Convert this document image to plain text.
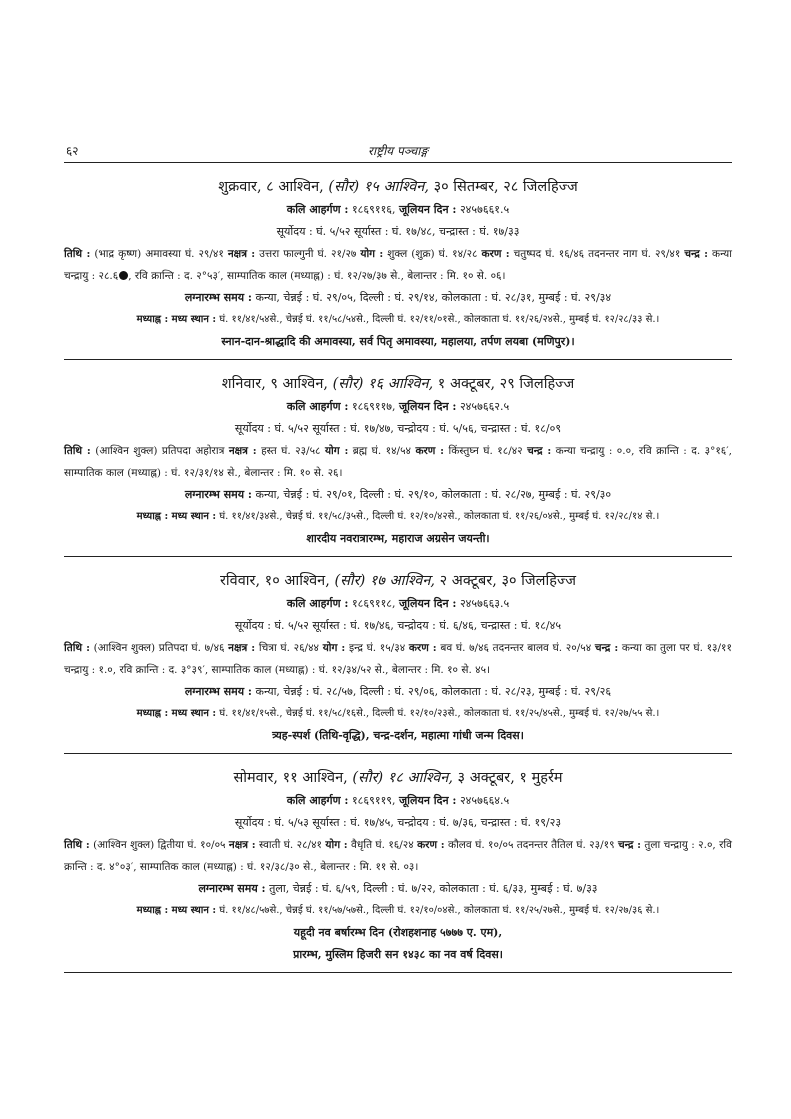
६२	राष्ट्रीय पञ्चाङ्ग
शुक्रवार, ८ आश्विन, (सौर) १५ आश्विन, ३० सितम्बर, २८ जिलहिज्ज
कलि आहर्गण : १८६९११६, जूलियन दिन : २४५७६६१.५
सूर्योदय : घं. ५/५२ सूर्यास्त : घं. १७/४८, चन्द्रास्त : घं. १७/३३
तिथि : (भाद्र कृष्ण) अमावस्या घं. २९/४१ नक्षत्र : उत्तरा फाल्गुनी घं. २१/२७ योग : शुक्ल (शुक्र) घं. १४/२८ करण : चतुष्पद घं. १६/४६ तदनन्तर नाग घं. २९/४१ चन्द्र : कन्या चन्द्रायु : २८.६ , रवि क्रान्ति : द. २°५३′, साम्पातिक काल (मध्याह्न) : घं. १२/२७/३७ से., बेलान्तर : मि. १० से. ०६।
लग्नारम्भ समय : कन्या, चेन्नई : घं. २९/०५, दिल्ली : घं. २९/१४, कोलकाता : घं. २८/३१, मुम्बई : घं. २९/३४
मध्याह्न : मध्य स्थान : घं. ११/४१/५४से., चेन्नई घं. ११/५८/५४से., दिल्ली घं. १२/११/०१से., कोलकाता घं. ११/२६/२४से., मुम्बई घं. १२/२८/३३ से.।
स्नान-दान-श्राद्धादि की अमावस्या, सर्व पितृ अमावस्या, महालया, तर्पण लयबा (मणिपुर)।
शनिवार, ९ आश्विन, (सौर) १६ आश्विन, १ अक्टूबर, २९ जिलहिज्ज
कलि आहर्गण : १८६९११७, जूलियन दिन : २४५७६६२.५
सूर्योदय : घं. ५/५२ सूर्यास्त : घं. १७/४७, चन्द्रोदय : घं. ५/५६, चन्द्रास्त : घं. १८/०९
तिथि : (आश्विन शुक्ल) प्रतिपदा अहोरात्र नक्षत्र : हस्त घं. २३/५८ योग : ब्रह्म घं. १४/५४ करण : किंस्तुघ्न घं. १८/४२ चन्द्र : कन्या चन्द्रायु : ०.०, रवि क्रान्ति : द. ३°१६′, साम्पातिक काल (मध्याह्न) : घं. १२/३१/१४ से., बेलान्तर : मि. १० से. २६।
लग्नारम्भ समय : कन्या, चेन्नई : घं. २९/०१, दिल्ली : घं. २९/१०, कोलकाता : घं. २८/२७, मुम्बई : घं. २९/३०
मध्याह्न : मध्य स्थान : घं. ११/४१/३४से., चेन्नई घं. ११/५८/३५से., दिल्ली घं. १२/१०/४२से., कोलकाता घं. ११/२६/०४से., मुम्बई घं. १२/२८/१४ से.।
शारदीय नवरात्रारम्भ, महाराज अग्रसेन जयन्ती।
रविवार, १० आश्विन, (सौर) १७ आश्विन, २ अक्टूबर, ३० जिलहिज्ज
कलि आहर्गण : १८६९११८, जूलियन दिन : २४५७६६३.५
सूर्योदय : घं. ५/५२ सूर्यास्त : घं. १७/४६, चन्द्रोदय : घं. ६/४६, चन्द्रास्त : घं. १८/४५
तिथि : (आश्विन शुक्ल) प्रतिपदा घं. ७/४६ नक्षत्र : चित्रा घं. २६/४४ योग : इन्द्र घं. १५/३४ करण : बव घं. ७/४६ तदनन्तर बालव घं. २०/५४ चन्द्र : कन्या का तुला पर घं. १३/११ चन्द्रायु : १.०, रवि क्रान्ति : द. ३°३९′, साम्पातिक काल (मध्याह्न) : घं. १२/३४/५२ से., बेलान्तर : मि. १० से. ४५।
लग्नारम्भ समय : कन्या, चेन्नई : घं. २८/५७, दिल्ली : घं. २९/०६, कोलकाता : घं. २८/२३, मुम्बई : घं. २९/२६
मध्याह्न : मध्य स्थान : घं. ११/४१/१५से., चेन्नई घं. ११/५८/१६से., दिल्ली घं. १२/१०/२३से., कोलकाता घं. ११/२५/४५से., मुम्बई घं. १२/२७/५५ से.।
त्र्यह-स्पर्श (तिथि-वृद्धि), चन्द्र-दर्शन, महात्मा गांधी जन्म दिवस।
सोमवार, ११ आश्विन, (सौर) १८ आश्विन, ३ अक्टूबर, १ मुहर्रम
कलि आहर्गण : १८६९११९, जूलियन दिन : २४५७६६४.५
सूर्योदय : घं. ५/५३ सूर्यास्त : घं. १७/४५, चन्द्रोदय : घं. ७/३६, चन्द्रास्त : घं. १९/२३
तिथि : (आश्विन शुक्ल) द्वितीया घं. १०/०५ नक्षत्र : स्वाती घं. २८/४१ योग : वैधृति घं. १६/२४ करण : कौलव घं. १०/०५ तदनन्तर तैतिल घं. २३/१९ चन्द्र : तुला चन्द्रायु : २.०, रवि क्रान्ति : द. ४°०३′, साम्पातिक काल (मध्याह्न) : घं. १२/३८/३० से., बेलान्तर : मि. ११ से. ०३।
लग्नारम्भ समय : तुला, चेन्नई : घं. ६/५९, दिल्ली : घं. ७/२२, कोलकाता : घं. ६/३३, मुम्बई : घं. ७/३३
मध्याह्न : मध्य स्थान : घं. ११/४८/५७से., चेन्नई घं. ११/५७/५७से., दिल्ली घं. १२/१०/०४से., कोलकाता घं. ११/२५/२७से., मुम्बई घं. १२/२७/३६ से.।
यहूदी नव बर्षारम्भ दिन (रोशहशनाह ५७७७ ए. एम),
प्रारम्भ, मुस्लिम हिजरी सन १४३८ का नव वर्ष दिवस।
